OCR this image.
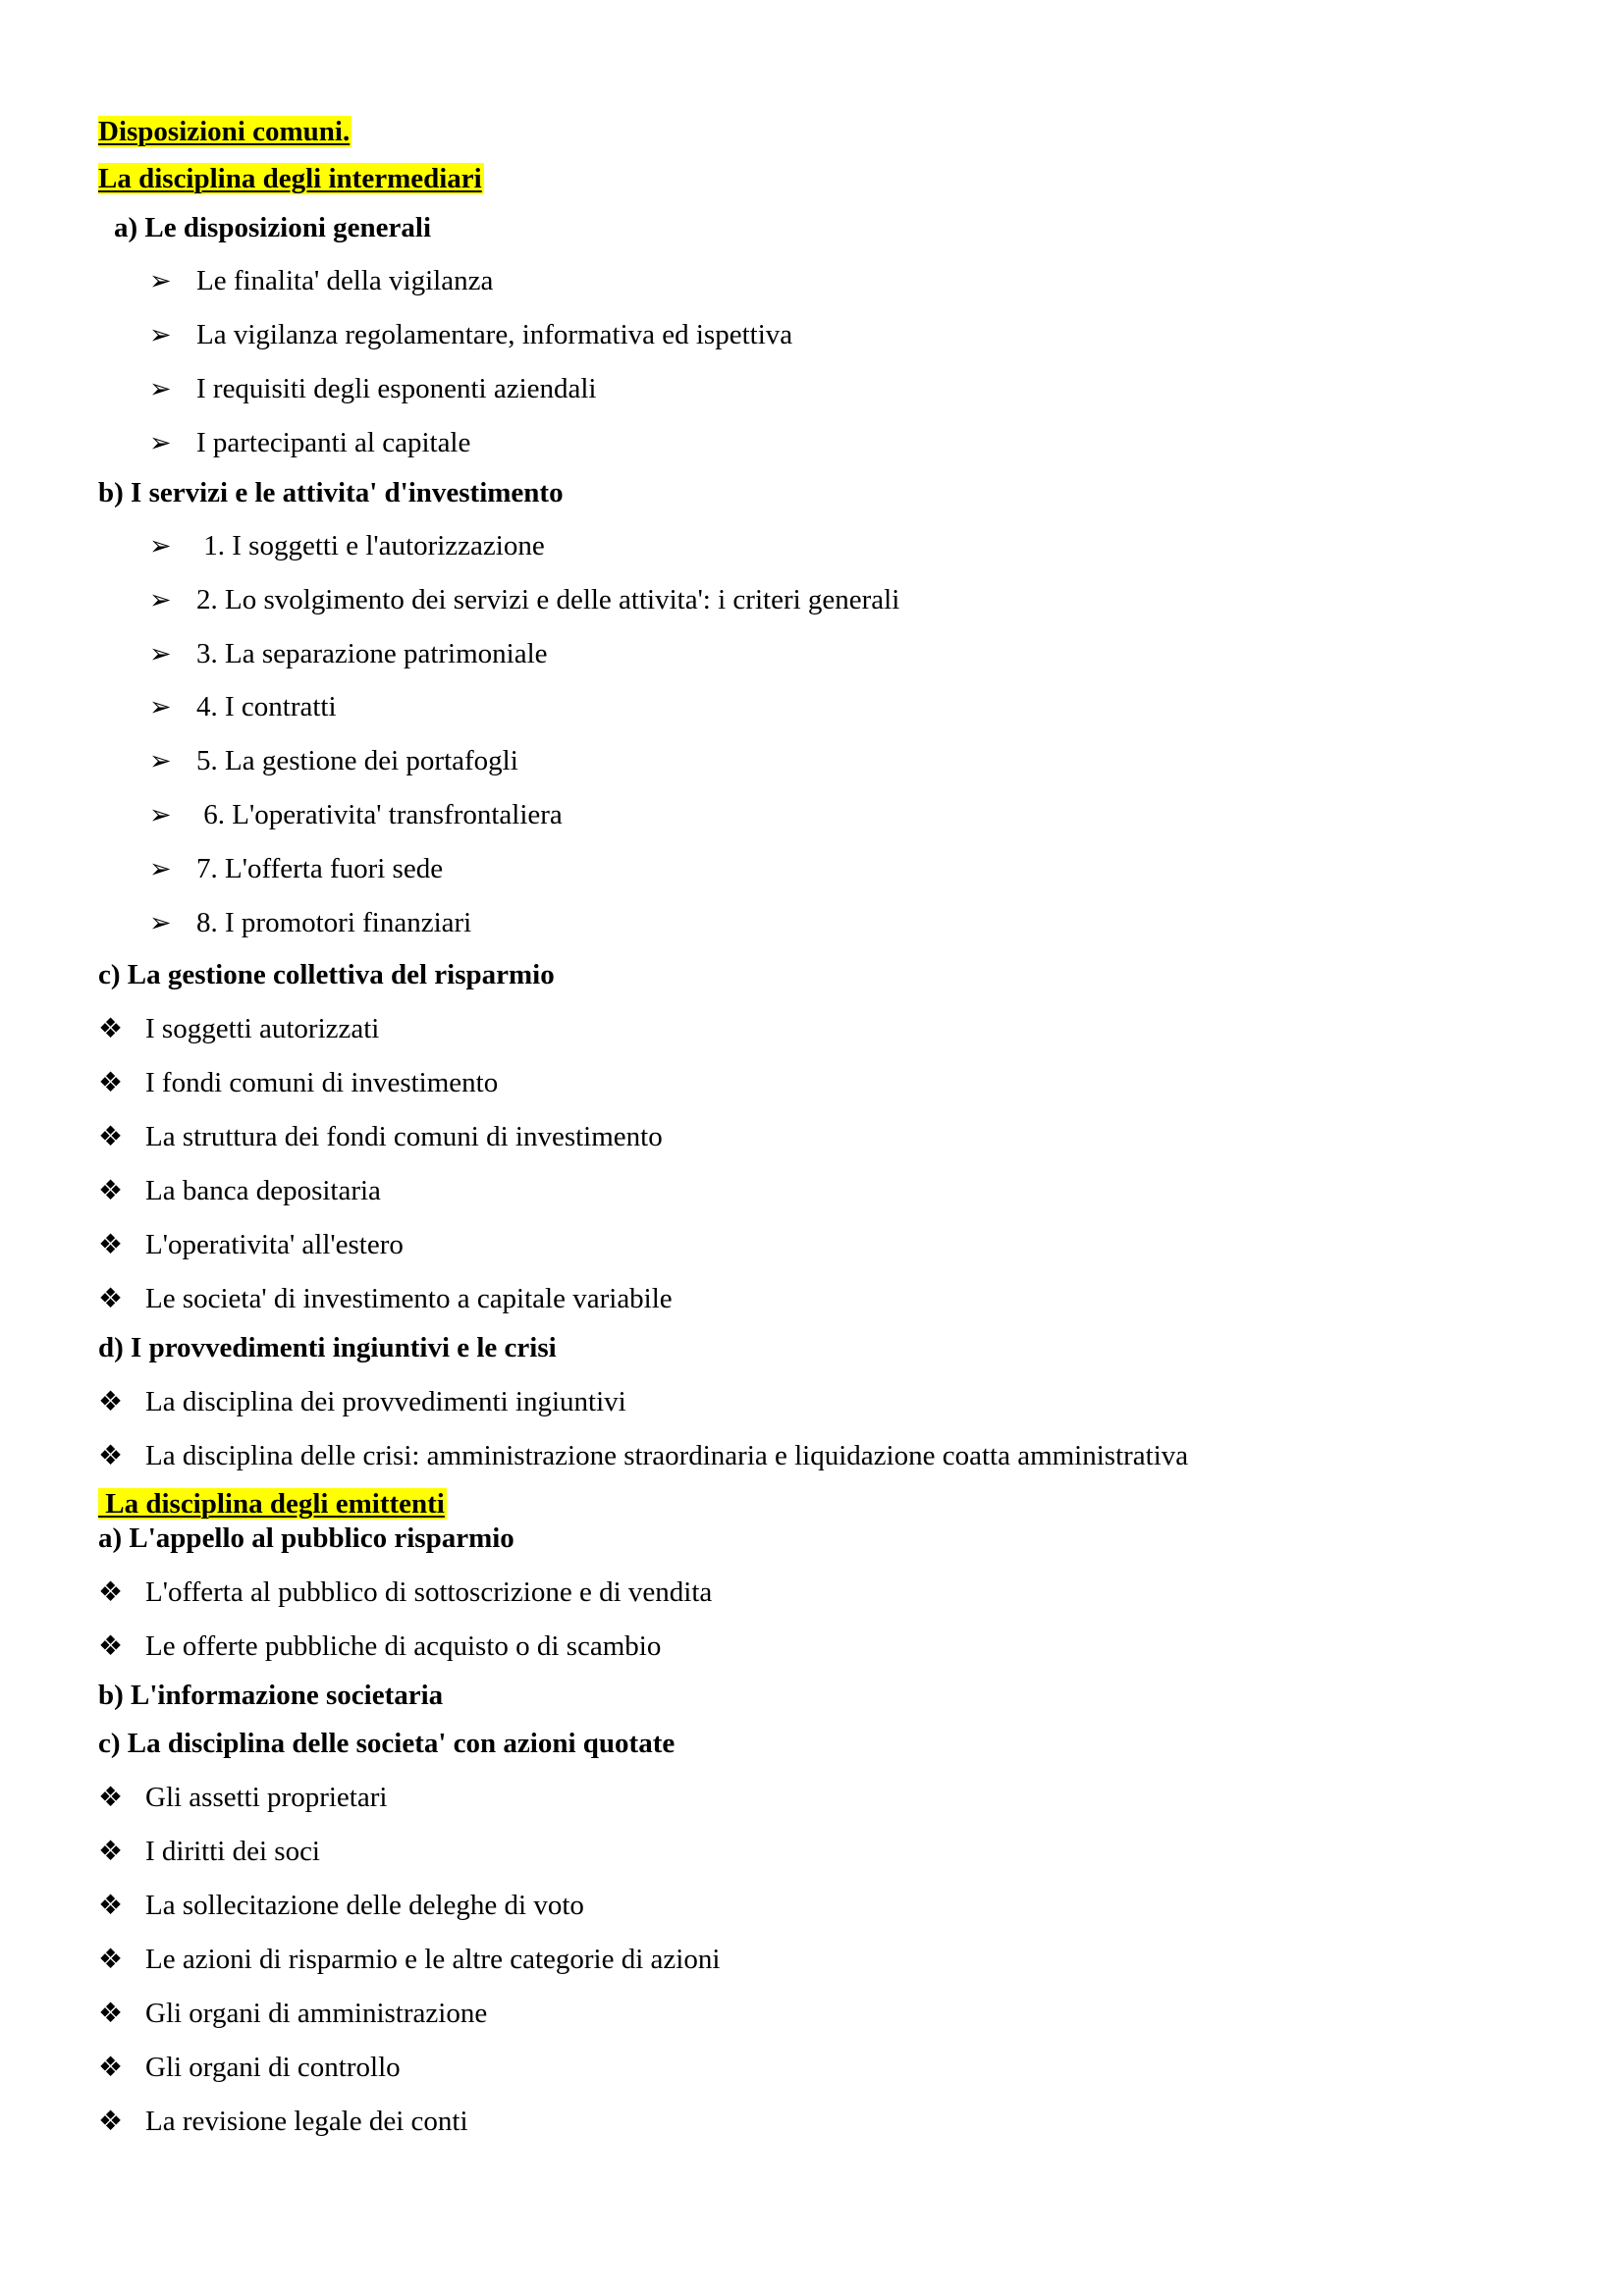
Disposizioni comuni.
La disciplina degli intermediari
a) Le disposizioni generali
➢ Le finalita' della vigilanza
➢ La vigilanza regolamentare, informativa ed ispettiva
➢ I requisiti degli esponenti aziendali
➢ I partecipanti al capitale
b) I servizi e le attivita' d'investimento
➢ 1. I soggetti e l'autorizzazione
➢ 2. Lo svolgimento dei servizi e delle attivita': i criteri generali
➢ 3. La separazione patrimoniale
➢ 4. I contratti
➢ 5. La gestione dei portafogli
➢ 6. L'operativita' transfrontaliera
➢ 7. L'offerta fuori sede
➢ 8. I promotori finanziari
c) La gestione collettiva del risparmio
❖ I soggetti autorizzati
❖ I fondi comuni di investimento
❖ La struttura dei fondi comuni di investimento
❖ La banca depositaria
❖ L'operativita' all'estero
❖ Le societa' di investimento a capitale variabile
d) I provvedimenti ingiuntivi e le crisi
❖ La disciplina dei provvedimenti ingiuntivi
❖ La disciplina delle crisi: amministrazione straordinaria e liquidazione coatta amministrativa
La disciplina degli emittenti
a) L'appello al pubblico risparmio
❖ L'offerta al pubblico di sottoscrizione e di vendita
❖ Le offerte pubbliche di acquisto o di scambio
b) L'informazione societaria
c) La disciplina delle societa' con azioni quotate
❖ Gli assetti proprietari
❖ I diritti dei soci
❖ La sollecitazione delle deleghe di voto
❖ Le azioni di risparmio e le altre categorie di azioni
❖ Gli organi di amministrazione
❖ Gli organi di controllo
❖ La revisione legale dei conti
